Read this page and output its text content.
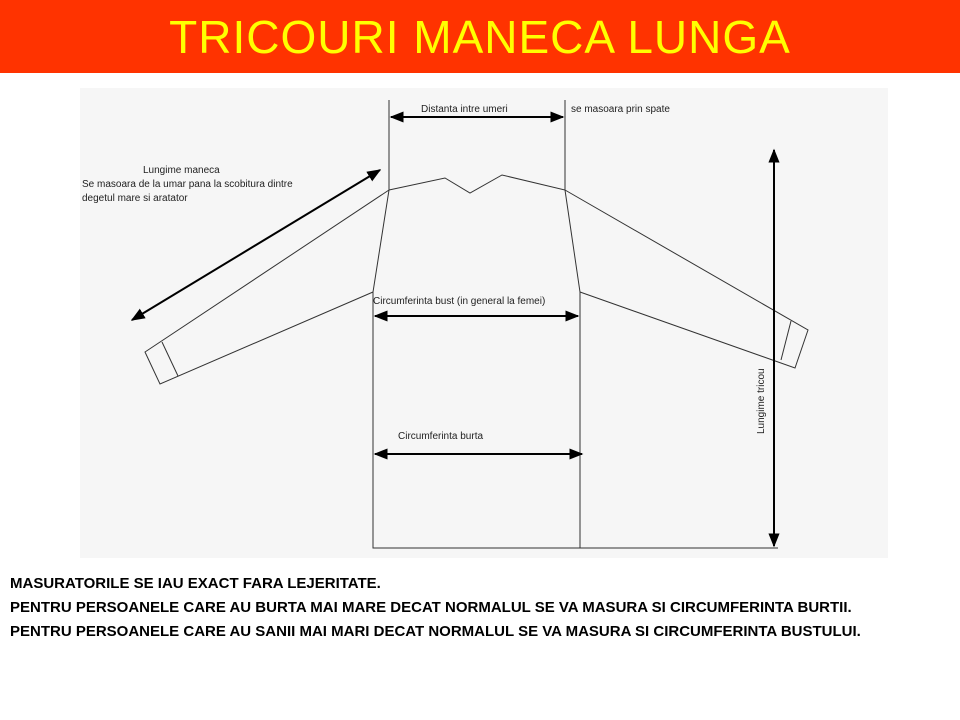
TRICOURI MANECA LUNGA
Distanta intre umeri	se masoara prin spate
Lungime maneca
Se masoara de la umar pana la scobitura dintre
degetul mare si aratator
Circumferinta bust (in general la femei)
Circumferinta burta
Lungime tricou

MASURATORILE SE IAU EXACT FARA LEJERITATE.

PENTRU PERSOANELE CARE AU BURTA MAI MARE DECAT NORMALUL SE VA MASURA SI CIRCUMFERINTA BURTII.

PENTRU PERSOANELE CARE AU SANII MAI MARI DECAT NORMALUL SE VA MASURA SI CIRCUMFERINTA BUSTULUI.
